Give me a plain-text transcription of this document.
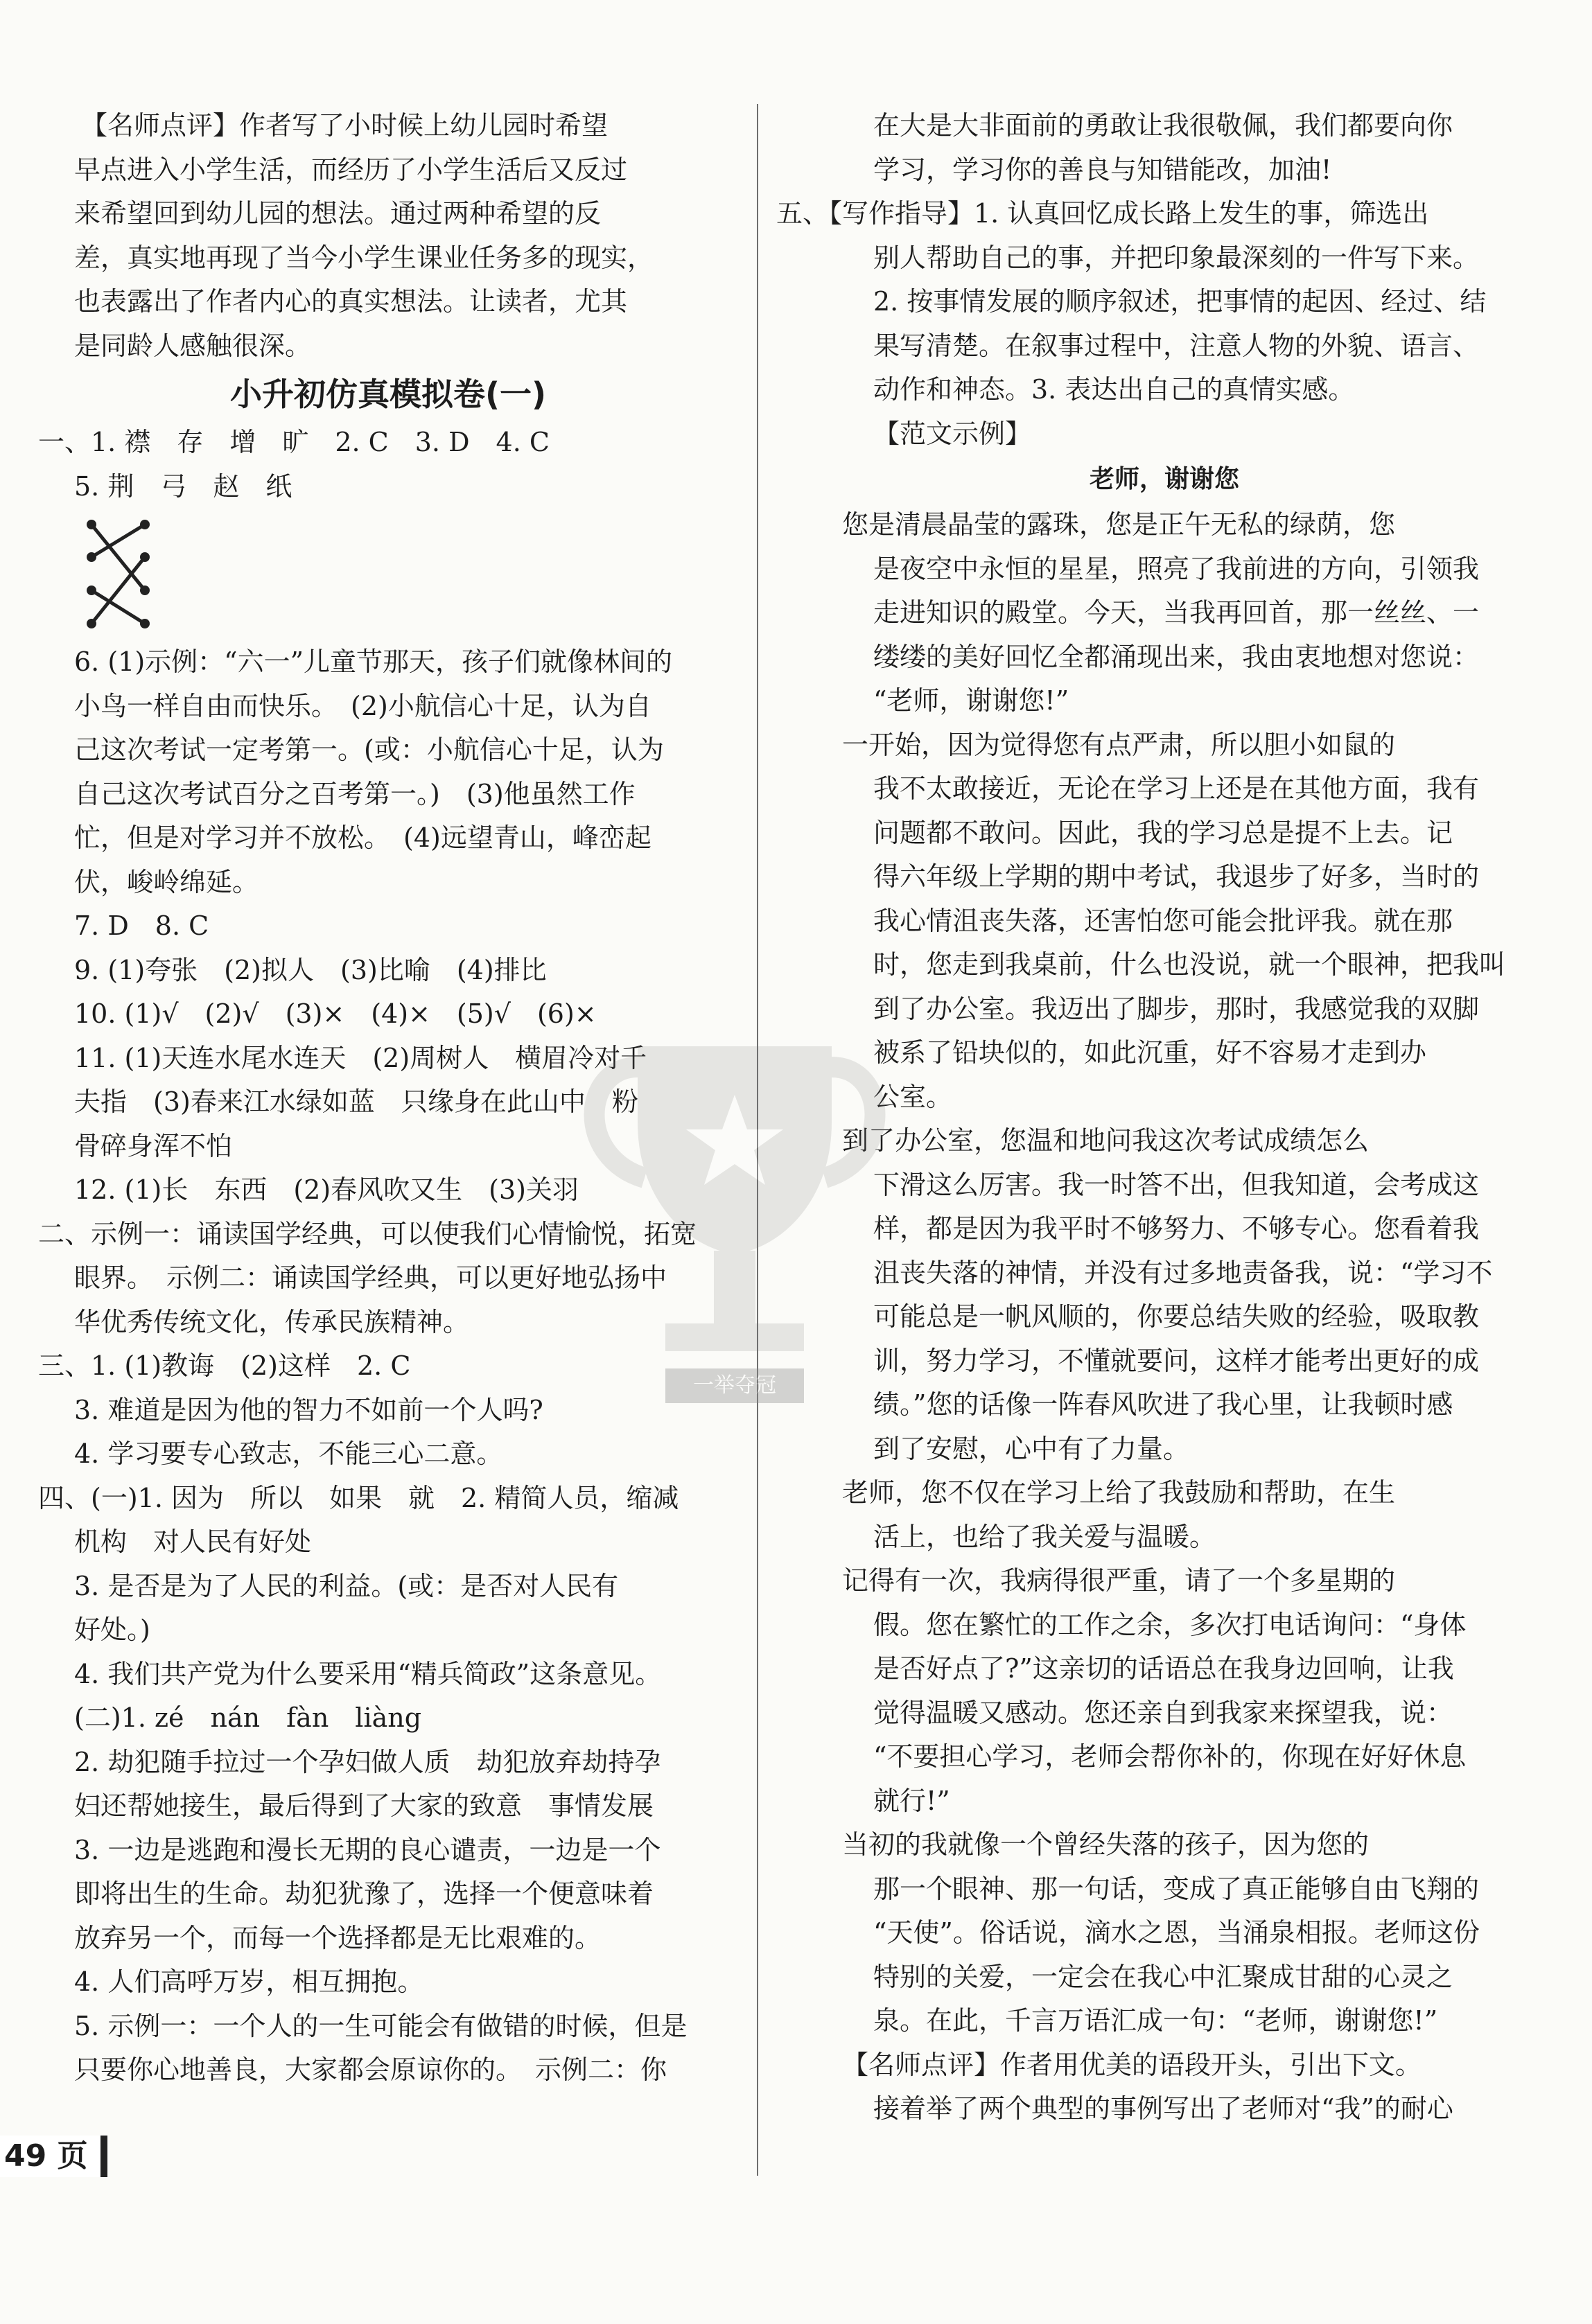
【名师点评】作者写了小时候上幼儿园时希望
早点进入小学生活，而经历了小学生活后又反过
来希望回到幼儿园的想法。通过两种希望的反
差，真实地再现了当今小学生课业任务多的现实，
也表露出了作者内心的真实想法。让读者，尤其
是同龄人感触很深。
小升初仿真模拟卷(一)
一、1. 襟　存　增　旷　2. C　3. D　4. C
5. 荆　弓　赵　纸
6. (1)示例：“六一”儿童节那天，孩子们就像林间的
小鸟一样自由而快乐。　(2)小航信心十足，认为自
己这次考试一定考第一。(或：小航信心十足，认为
自己这次考试百分之百考第一。)　(3)他虽然工作
忙，但是对学习并不放松。　(4)远望青山，峰峦起
伏，峻岭绵延。
7. D　8. C
9. (1)夸张　(2)拟人　(3)比喻　(4)排比
10. (1)√　(2)√　(3)×　(4)×　(5)√　(6)×
11. (1)天连水尾水连天　(2)周树人　横眉冷对千
夫指　(3)春来江水绿如蓝　只缘身在此山中　粉
骨碎身浑不怕
12. (1)长　东西　(2)春风吹又生　(3)关羽
二、示例一：诵读国学经典，可以使我们心情愉悦，拓宽
眼界。　示例二：诵读国学经典，可以更好地弘扬中
华优秀传统文化，传承民族精神。
三、1. (1)教诲　(2)这样　2. C
3. 难道是因为他的智力不如前一个人吗?
4. 学习要专心致志，不能三心二意。
四、(一)1. 因为　所以　如果　就　2. 精简人员，缩减
机构　对人民有好处
3. 是否是为了人民的利益。(或：是否对人民有
好处。)
4. 我们共产党为什么要采用“精兵简政”这条意见。
(二)1. zé　nán　fàn　liàng
2. 劫犯随手拉过一个孕妇做人质　劫犯放弃劫持孕
妇还帮她接生，最后得到了大家的致意　事情发展
3. 一边是逃跑和漫长无期的良心谴责，一边是一个
即将出生的生命。劫犯犹豫了，选择一个便意味着
放弃另一个，而每一个选择都是无比艰难的。
4. 人们高呼万岁，相互拥抱。
5. 示例一：一个人的一生可能会有做错的时候，但是
只要你心地善良，大家都会原谅你的。　示例二：你
在大是大非面前的勇敢让我很敬佩，我们都要向你
学习，学习你的善良与知错能改，加油!
五、【写作指导】1. 认真回忆成长路上发生的事，筛选出
别人帮助自己的事，并把印象最深刻的一件写下来。
2. 按事情发展的顺序叙述，把事情的起因、经过、结
果写清楚。在叙事过程中，注意人物的外貌、语言、
动作和神态。3. 表达出自己的真情实感。
【范文示例】
老师，谢谢您
您是清晨晶莹的露珠，您是正午无私的绿荫，您
是夜空中永恒的星星，照亮了我前进的方向，引领我
走进知识的殿堂。今天，当我再回首，那一丝丝、一
缕缕的美好回忆全都涌现出来，我由衷地想对您说：
“老师，谢谢您!”
一开始，因为觉得您有点严肃，所以胆小如鼠的
我不太敢接近，无论在学习上还是在其他方面，我有
问题都不敢问。因此，我的学习总是提不上去。记
得六年级上学期的期中考试，我退步了好多，当时的
我心情沮丧失落，还害怕您可能会批评我。就在那
时，您走到我桌前，什么也没说，就一个眼神，把我叫
到了办公室。我迈出了脚步，那时，我感觉我的双脚
被系了铅块似的，如此沉重，好不容易才走到办
公室。
到了办公室，您温和地问我这次考试成绩怎么
下滑这么厉害。我一时答不出，但我知道，会考成这
样，都是因为我平时不够努力、不够专心。您看着我
沮丧失落的神情，并没有过多地责备我，说：“学习不
可能总是一帆风顺的，你要总结失败的经验，吸取教
训，努力学习，不懂就要问，这样才能考出更好的成
绩。”您的话像一阵春风吹进了我心里，让我顿时感
到了安慰，心中有了力量。
老师，您不仅在学习上给了我鼓励和帮助，在生
活上，也给了我关爱与温暖。
记得有一次，我病得很严重，请了一个多星期的
假。您在繁忙的工作之余，多次打电话询问：“身体
是否好点了?”这亲切的话语总在我身边回响，让我
觉得温暖又感动。您还亲自到我家来探望我，说：
“不要担心学习，老师会帮你补的，你现在好好休息
就行!”
当初的我就像一个曾经失落的孩子，因为您的
那一个眼神、那一句话，变成了真正能够自由飞翔的
“天使”。俗话说，滴水之恩，当涌泉相报。老师这份
特别的关爱，一定会在我心中汇聚成甘甜的心灵之
泉。在此，千言万语汇成一句：“老师，谢谢您!”
【名师点评】作者用优美的语段开头，引出下文。
接着举了两个典型的事例写出了老师对“我”的耐心
一举夺冠
49 页
